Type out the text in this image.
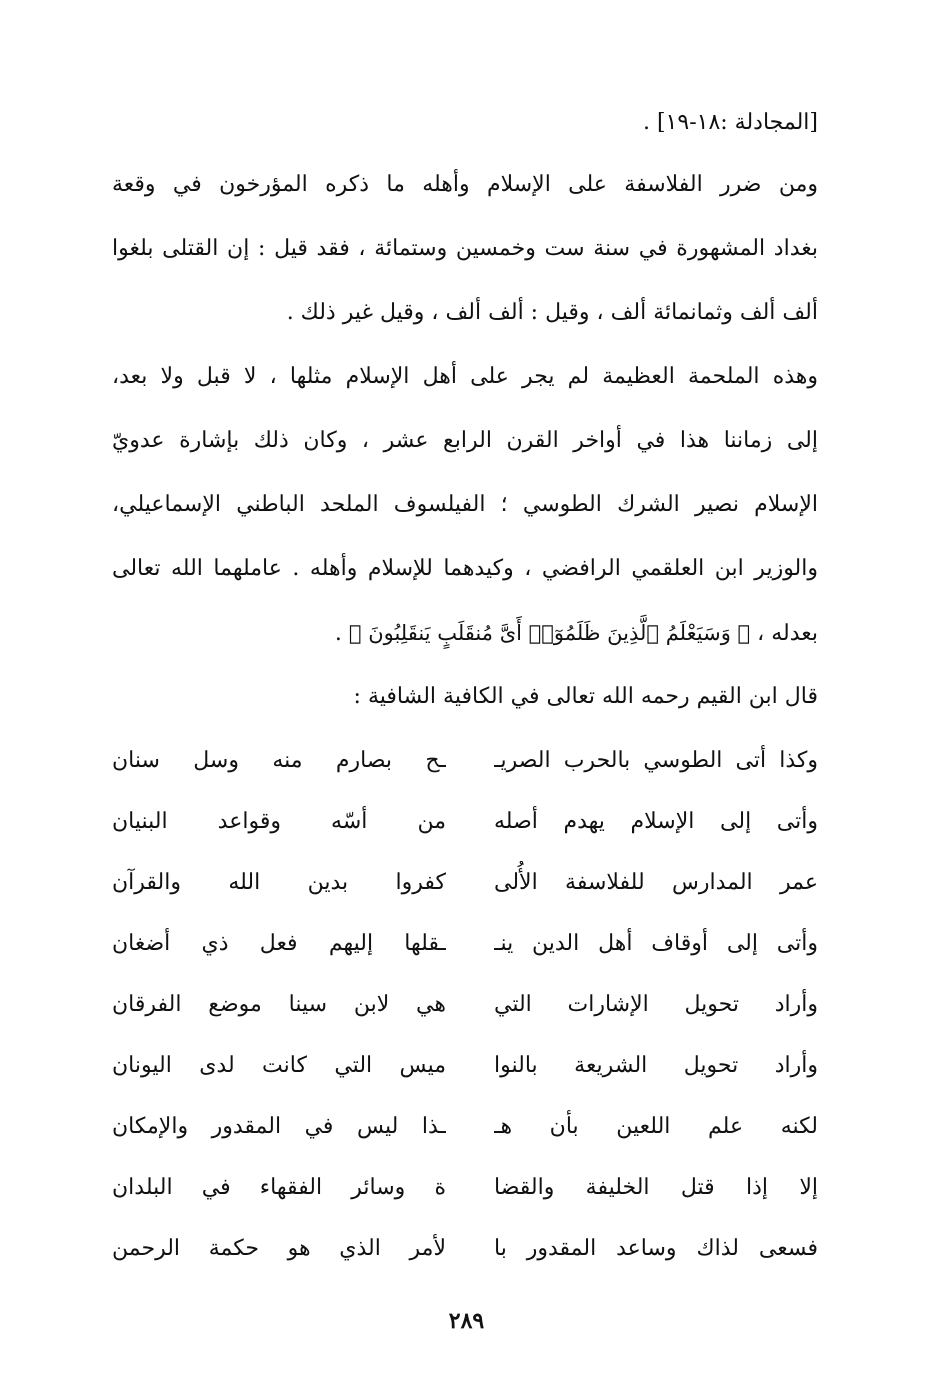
[المجادلة :١٨-١٩] .
ومن ضرر الفلاسفة على الإسلام وأهله ما ذكره المؤرخون في وقعة
بغداد المشهورة في سنة ست وخمسين وستمائة ، فقد قيل : إن القتلى بلغوا
ألف ألف وثمانمائة ألف ، وقيل : ألف ألف ، وقيل غير ذلك .
وهذه الملحمة العظيمة لم يجر على أهل الإسلام مثلها ، لا قبل ولا بعد،
إلى زماننا هذا في أواخر القرن الرابع عشر ، وكان ذلك بإشارة عدويّ
الإسلام نصير الشرك الطوسي ؛ الفيلسوف الملحد الباطني الإسماعيلي،
والوزير ابن العلقمي الرافضي ، وكيدهما للإسلام وأهله . عاملهما الله تعالى
بعدله ، ﴿ وَسَيَعْلَمُ ٱلَّذِينَ ظَلَمُوٓا۟ أَىَّ مُنقَلَبٍ يَنقَلِبُونَ ﴾ .
قال ابن القيم رحمه الله تعالى في الكافية الشافية :
وكذا أتى الطوسي بالحرب الصريـ
ـح بصارم منه وسل سنان
وأتى إلى الإسلام يهدم أصله
من أسّه وقواعد البنيان
عمر المدارس للفلاسفة الأُلى
كفروا بدين الله والقرآن
وأتى إلى أوقاف أهل الدين ينـ
ـقلها إليهم فعل ذي أضغان
وأراد تحويل الإشارات التي
هي لابن سينا موضع الفرقان
وأراد تحويل الشريعة بالنوا
ميس التي كانت لدى اليونان
لكنه علم اللعين بأن هـ
ـذا ليس في المقدور والإمكان
إلا إذا قتل الخليفة والقضا
ة وسائر الفقهاء في البلدان
فسعى لذاك وساعد المقدور با
لأمر الذي هو حكمة الرحمن
٢٨٩
